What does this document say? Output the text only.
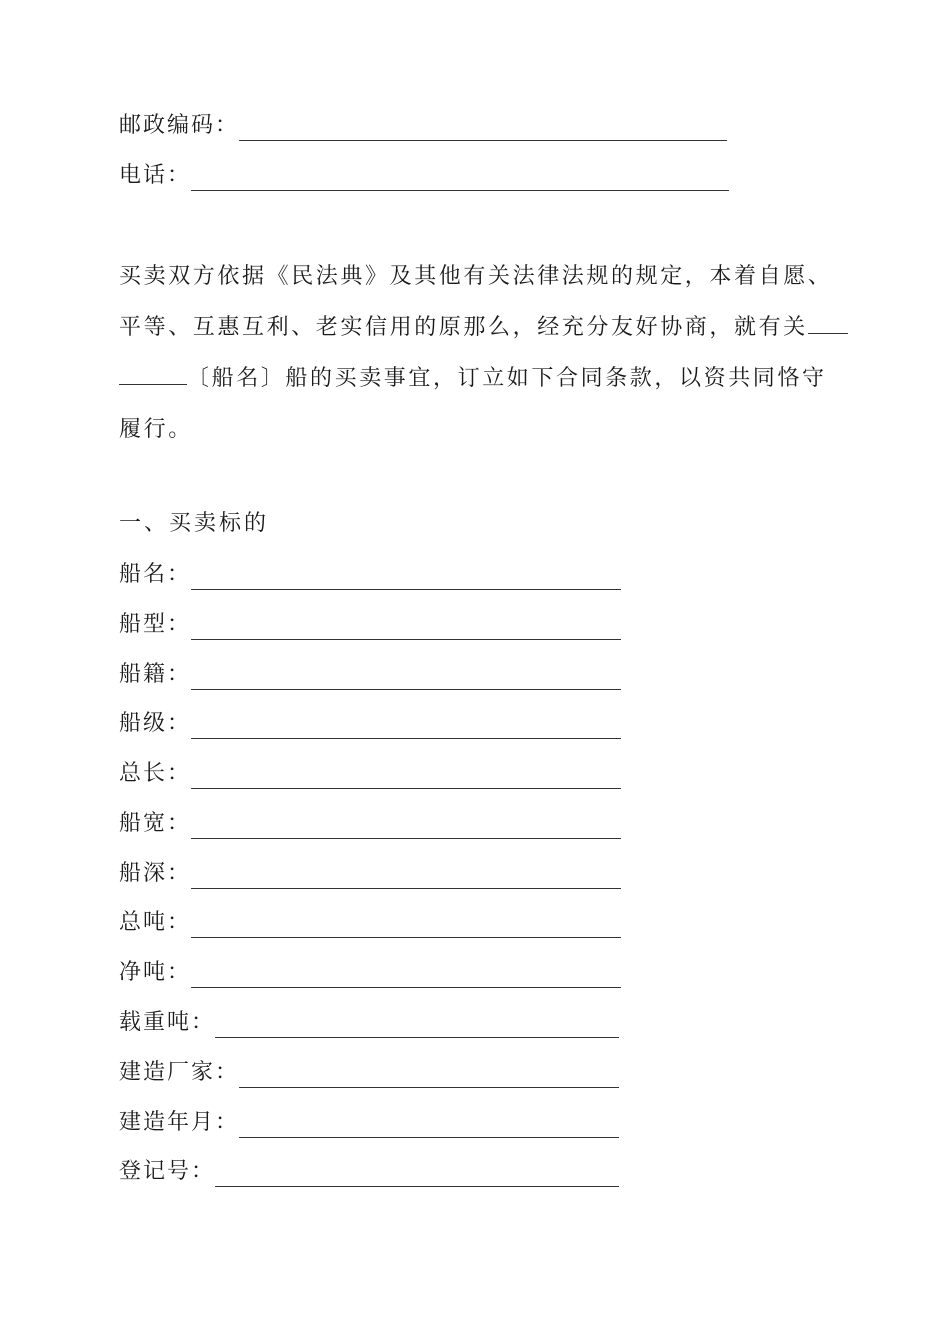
邮政编码：
电话：
买卖双方依据《民法典》及其他有关法律法规的规定，本着自愿、
平等、互惠互利、老实信用的原那么，经充分友好协商，就有关
〔船名〕船的买卖事宜，订立如下合同条款，以资共同恪守
履行。
一、买卖标的
船名：
船型：
船籍：
船级：
总长：
船宽：
船深：
总吨：
净吨：
载重吨：
建造厂家：
建造年月：
登记号：
